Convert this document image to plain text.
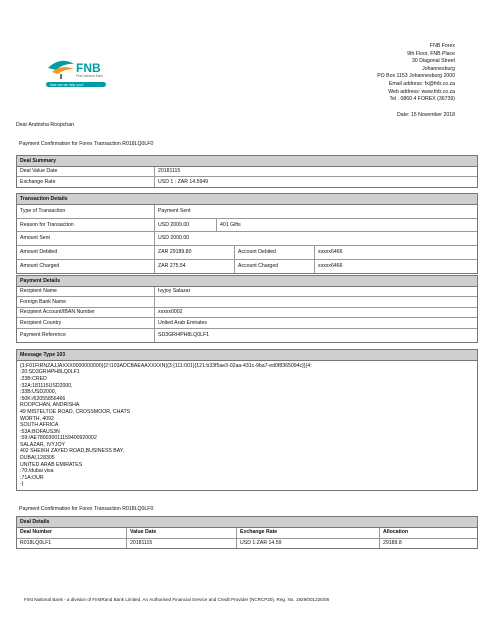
FNB
First National Bank
how can we help you?
FNB Forex
9th Floor, FNB Place
30 Diagonal Street
Johannesburg
PO Box 1153 Johannesburg 2000
Email address: fx@fnb.co.za
Web address: www.fnb.co.za
Tel : 0860 4 FOREX (36739)
Date: 15 November 2018
Dear Andrisha Roopchan
Payment Confirmation for Forex Transaction R018LQ0LF0
Deal Summary
Deal Value Date	20181115
Exchange Rate	USD 1 : ZAR 14.5949
Transaction Details
Type of Transaction	Payment Sent
Reason for Transaction	USD 2000.00	401 Gifts
Amount Sent	USD 2000.00
Amount Debited	ZAR 29189.80	Account Debited	xxxxx6466
Amount Charged	ZAR 275.54	Account Charged	xxxxx6466
Payment Details
Recipient Name	Ivyjoy Salazar
Foreign Bank Name
Recipient Account/IBAN Number	xxxxx0002
Recipient Country	United Arab Emirates
Payment Reference	SD3GRI4PH8LQ0LF1
Message Type 103
{1:F01FIRNZAJJAXXX0000000000}{2:I103ADCBAEAAXXXXN}{3:{111:001}{121:b33f5ae3-02aa-431c-9ba7-ed0f8365094c}}{4:
:20:SD3GRI4PH8LQ0LF1
:23B:CRED
:32A:181115USD2000,
:33B:USD2000,
:50K:/62055856466
ROOPCHAN, ANDRISHA
49 MISTELTOE ROAD, CROSSMOOR, CHATS
WORTH, 4092
SOUTH AFRICA
:53A:BOFAUS3N
:59:/AE780030011159400920002
SALAZAR, IVYJOY
402 SHEIKH ZAYED ROAD,BUSINESS BAY,
DUBAI,128305
UNITED ARAB EMIRATES
:70:/dubai visa
:71A:OUR
-}
Payment Confirmation for Forex Transaction R018LQ0LF0
Deal Details
Deal Number	Value Date	Exchange Rate	Allocation
R018LQ0LF1	20181115	USD 1:ZAR 14.59	29189.8
First National Bank - a division of FirstRand Bank Limited. An Authorised Financial Service and Credit Provider (NCRCP20). Reg. No. 1929/001225/06
